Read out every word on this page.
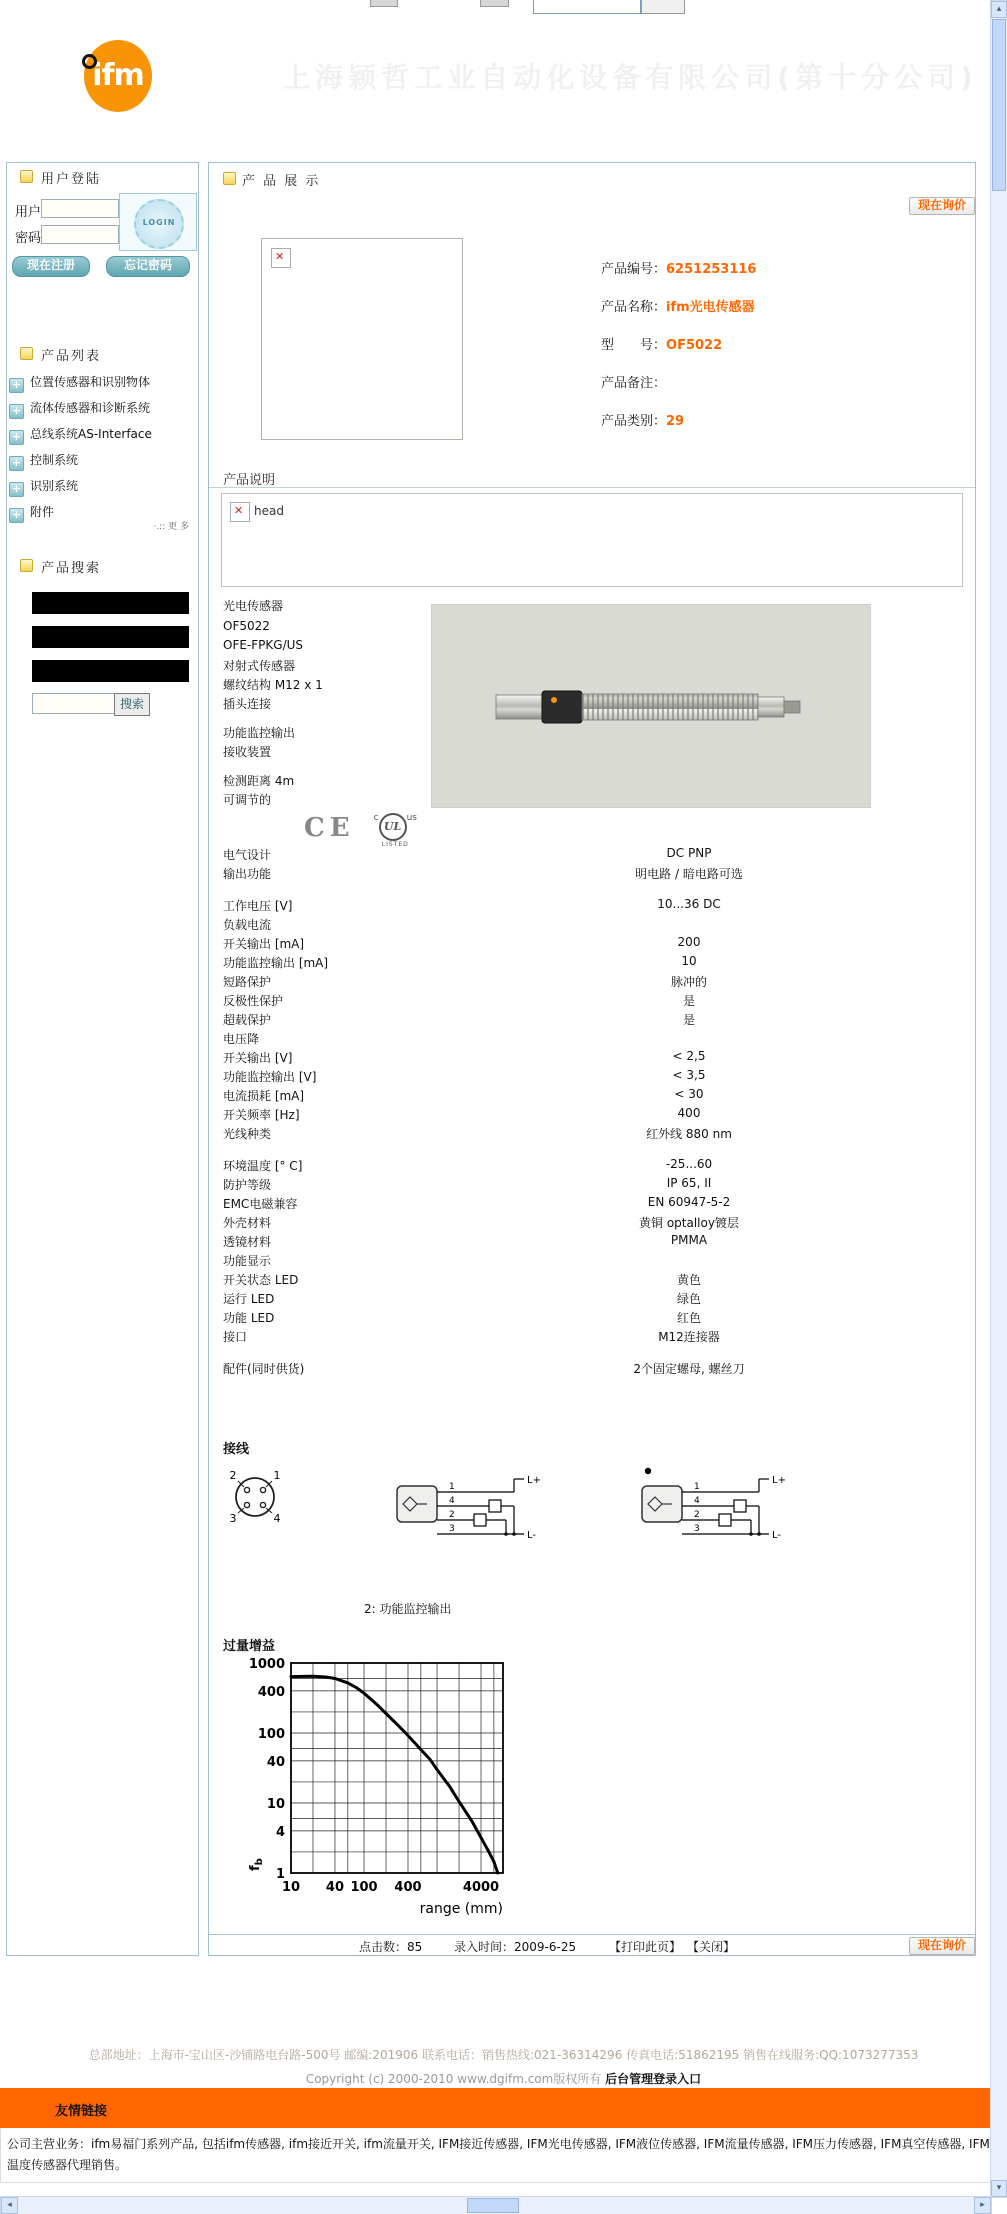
ifm	上海颖哲工业自动化设备有限公司(第十分公司)
用户登陆
用户
密码
LOGIN
现在注册	忘记密码
产品列表
+ 位置传感器和识别物体
+ 流体传感器和诊断系统
+ 总线系统AS-Interface
+ 控制系统
+ 识别系统
+ 附件
·.:: 更 多
产品搜索
搜索
产 品 展 示
现在询价
✕
产品编号：6251253116
产品名称：ifm光电传感器
型　　号：OF5022
产品备注：
产品类别：29
产品说明
✕ head
光电传感器
OF5022
OFE-FPKG/US
对射式传感器
螺纹结构 M12 x 1
插头连接
功能监控输出
接收装置
检测距离 4m
可调节的
电气设计	DC PNP
输出功能	明电路 / 暗电路可选
工作电压 [V]	10...36 DC
负载电流
开关输出 [mA]	200
功能监控输出 [mA]	10
短路保护	脉冲的
反极性保护	是
超载保护	是
电压降
开关输出 [V]	< 2,5
功能监控输出 [V]	< 3,5
电流损耗 [mA]	< 30
开关频率 [Hz]	400
光线种类	红外线 880 nm
环境温度 [° C]	-25...60
防护等级	IP 65, II
EMC电磁兼容	EN 60947-5-2
外壳材料	黄铜 optalloy镀层
透镜材料	PMMA
功能显示
开关状态 LED	黄色
运行 LED	绿色
功能 LED	红色
接口	M12连接器
配件(同时供货)	2个固定螺母, 螺丝刀
CE $^cUL^{us}$
LISTED
接线
2	1
3	4
1
4
2
3
L+
L-
1
4
2
3
L+
L-
2: 功能监控输出
过量增益
10 40 100 400	4000
1000
400
100
40
10
4
1
range (mm)
$f_b$
点击数：85	录入时间：2009-6-25	【打印此页】 【关闭】	现在询价
总部地址：上海市-宝山区-沙铺路电台路-500号 邮编:201906 联系电话：销售热线:021-36314296 传真电话:51862195 销售在线服务:QQ:1073277353
Copyright (c) 2000-2010 www.dgifm.com版权所有 后台管理登录入口
友情链接
公司主营业务：ifm易福门系列产品, 包括ifm传感器, ifm接近开关, ifm流量开关, IFM接近传感器, IFM光电传感器, IFM液位传感器, IFM流量传感器, IFM压力传感器, IFM真空传感器, IFM温度传感器代理销售。
▴
▾
◂	▸
